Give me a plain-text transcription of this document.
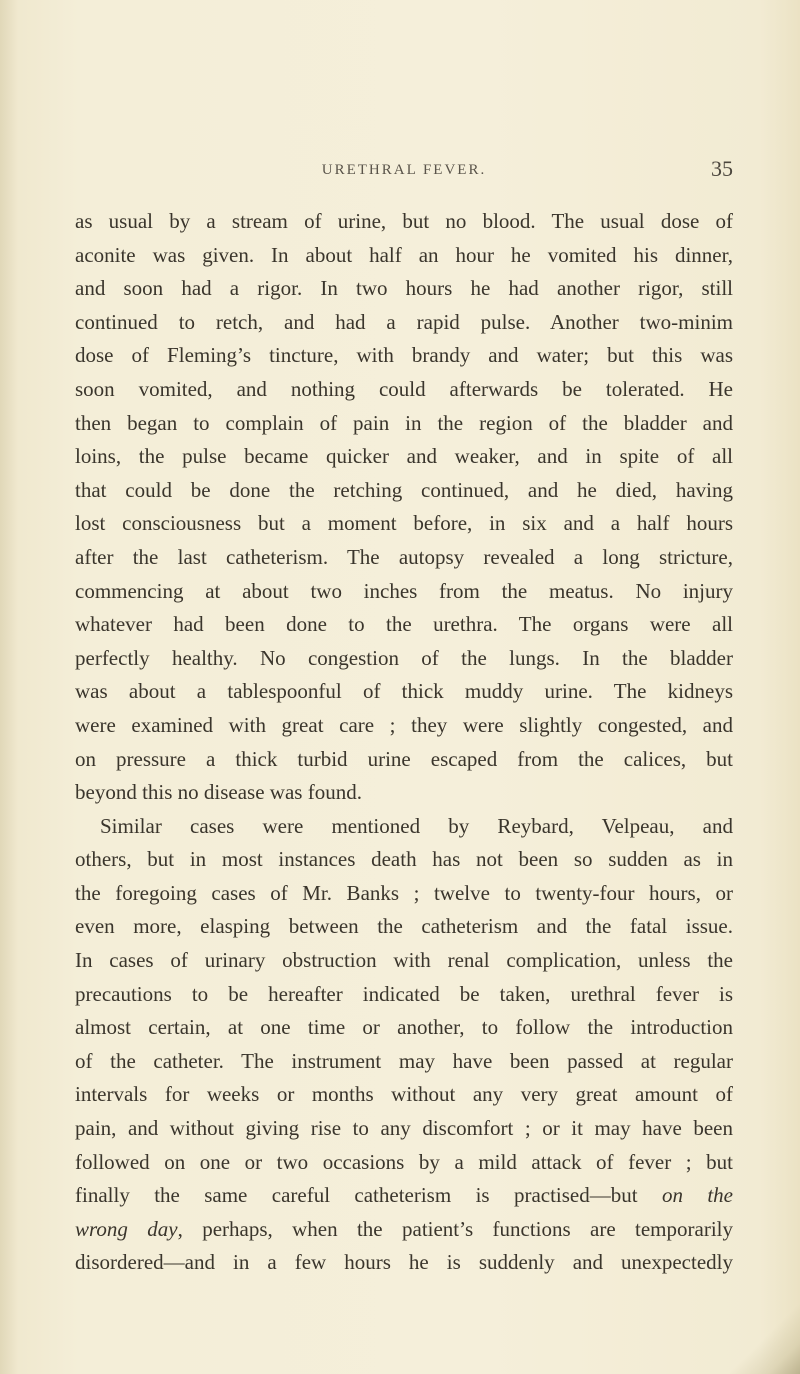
URETHRAL FEVER.	35
as usual by a stream of urine, but no blood. The usual dose of
aconite was given. In about half an hour he vomited his dinner,
and soon had a rigor. In two hours he had another rigor, still
continued to retch, and had a rapid pulse. Another two-minim
dose of Fleming’s tincture, with brandy and water; but this was
soon vomited, and nothing could afterwards be tolerated. He
then began to complain of pain in the region of the bladder and
loins, the pulse became quicker and weaker, and in spite of all
that could be done the retching continued, and he died, having
lost consciousness but a moment before, in six and a half hours
after the last catheterism. The autopsy revealed a long stricture,
commencing at about two inches from the meatus. No injury
whatever had been done to the urethra. The organs were all
perfectly healthy. No congestion of the lungs. In the bladder
was about a tablespoonful of thick muddy urine. The kidneys
were examined with great care ; they were slightly congested, and
on pressure a thick turbid urine escaped from the calices, but
beyond this no disease was found.
Similar cases were mentioned by Reybard, Velpeau, and
others, but in most instances death has not been so sudden as in
the foregoing cases of Mr. Banks ; twelve to twenty-four hours, or
even more, elasping between the catheterism and the fatal issue.
In cases of urinary obstruction with renal complication, unless the
precautions to be hereafter indicated be taken, urethral fever is
almost certain, at one time or another, to follow the introduction
of the catheter. The instrument may have been passed at regular
intervals for weeks or months without any very great amount of
pain, and without giving rise to any discomfort ; or it may have been
followed on one or two occasions by a mild attack of fever ; but
finally the same careful catheterism is practised—but on the
wrong day, perhaps, when the patient’s functions are temporarily
disordered—and in a few hours he is suddenly and unexpectedly
